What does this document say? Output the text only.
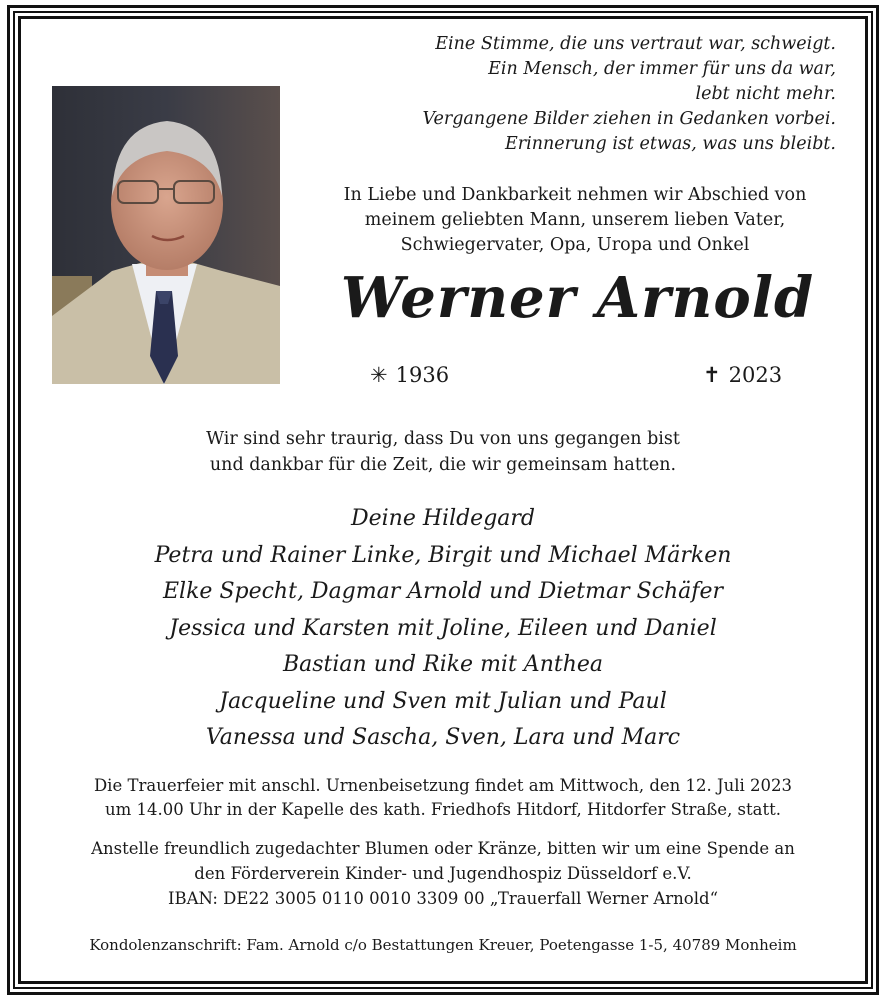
Eine Stimme, die uns vertraut war, schweigt.
Ein Mensch, der immer für uns da war,
lebt nicht mehr.
Vergangene Bilder ziehen in Gedanken vorbei.
Erinnerung ist etwas, was uns bleibt.
In Liebe und Dankbarkeit nehmen wir Abschied von
meinem geliebten Mann, unserem lieben Vater,
Schwiegervater, Opa, Uropa und Onkel
Werner Arnold
✳ 1936	✝ 2023
Wir sind sehr traurig, dass Du von uns gegangen bist
und dankbar für die Zeit, die wir gemeinsam hatten.
Deine Hildegard
Petra und Rainer Linke, Birgit und Michael Märken
Elke Specht, Dagmar Arnold und Dietmar Schäfer
Jessica und Karsten mit Joline, Eileen und Daniel
Bastian und Rike mit Anthea
Jacqueline und Sven mit Julian und Paul
Vanessa und Sascha, Sven, Lara und Marc
Die Trauerfeier mit anschl. Urnenbeisetzung findet am Mittwoch, den 12. Juli 2023
um 14.00 Uhr in der Kapelle des kath. Friedhofs Hitdorf, Hitdorfer Straße, statt.
Anstelle freundlich zugedachter Blumen oder Kränze, bitten wir um eine Spende an
den Förderverein Kinder- und Jugendhospiz Düsseldorf e.V.
IBAN: DE22 3005 0110 0010 3309 00 „Trauerfall Werner Arnold“
Kondolenzanschrift: Fam. Arnold c/o Bestattungen Kreuer, Poetengasse 1-5, 40789 Monheim
